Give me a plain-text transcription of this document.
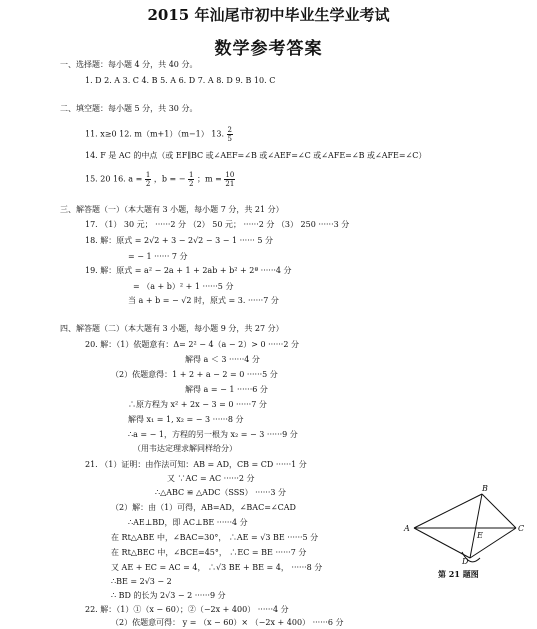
2015 年汕尾市初中毕业生学业考试
数学参考答案
一、选择题：每小题 4 分，共 40 分。
1. D 2. A 3. C 4. B 5. A 6. D 7. A 8. D 9. B 10. C
二、填空题：每小题 5 分，共 30 分。
11. x≥0 12. m（m+1）（m−1） 13. $\frac{2}{5}$
14. F 是 AC 的中点（或 EF∥BC 或∠AEF=∠B 或∠AEF=∠C 或∠AFE=∠B 或∠AFE=∠C）
15. 20 16. $a = \frac{1}{2}$ ，b = − $\frac{1}{2}$ ；$m = \frac{10}{21}$
三、解答题（一）（本大题有 3 小题，每小题 7 分，共 21 分）
17. （1） 30 元； ······2 分 （2） 50 元； ······2 分 （3） 250 ······3 分
18. 解：原式 = 2√2 + 3 − 2√2 − 3 − 1 ······ 5 分
= − 1 ······ 7 分
19. 解：原式 = a² − 2a + 1 + 2ab + b² + 2ª ······4 分
= （a + b）² + 1 ······5 分
当 a + b = − √2 时，原式 = 3. ······7 分
四、解答题（二）（本大题有 3 小题，每小题 9 分，共 27 分）
20. 解：（1）依题意有：Δ= 2² − 4（a − 2）> 0 ······2 分
解得 a ＜ 3 ······4 分
（2）依题意得：1 + 2 + a − 2 = 0 ······5 分
解得 a = − 1 ······6 分
∴原方程为 x² + 2x − 3 = 0 ······7 分
解得 x₁ = 1, x₂ = − 3 ······8 分
∴a = − 1，方程的另一根为 x₂ = − 3 ······9 分
（用韦达定理求解同样给分）
21. （1）证明：由作法可知：AB = AD，CB = CD ······1 分
又 ∵AC = AC ······2 分
∴△ABC ≌ △ADC（SSS） ······3 分
（2）解：由（1）可得，AB=AD，∠BAC=∠CAD
∴AE⊥BD，即 AC⊥BE ······4 分
在 Rt△ABE 中，∠BAC=30°， ∴AE = √3 BE ······5 分
在 Rt△BEC 中，∠BCE=45°， ∴EC = BE ······7 分
又 AE + EC = AC = 4， ∴√3 BE + BE = 4， ······8 分
∴BE = 2√3 − 2
∴ BD 的长为 2√3 − 2 ······9 分
22. 解：（1）①（x − 60）；②（−2x + 400） ······4 分
（2）依题意可得： y = （x − 60）× （−2x + 400） ······6 分
A
B
C
D
E
第 21 题图
